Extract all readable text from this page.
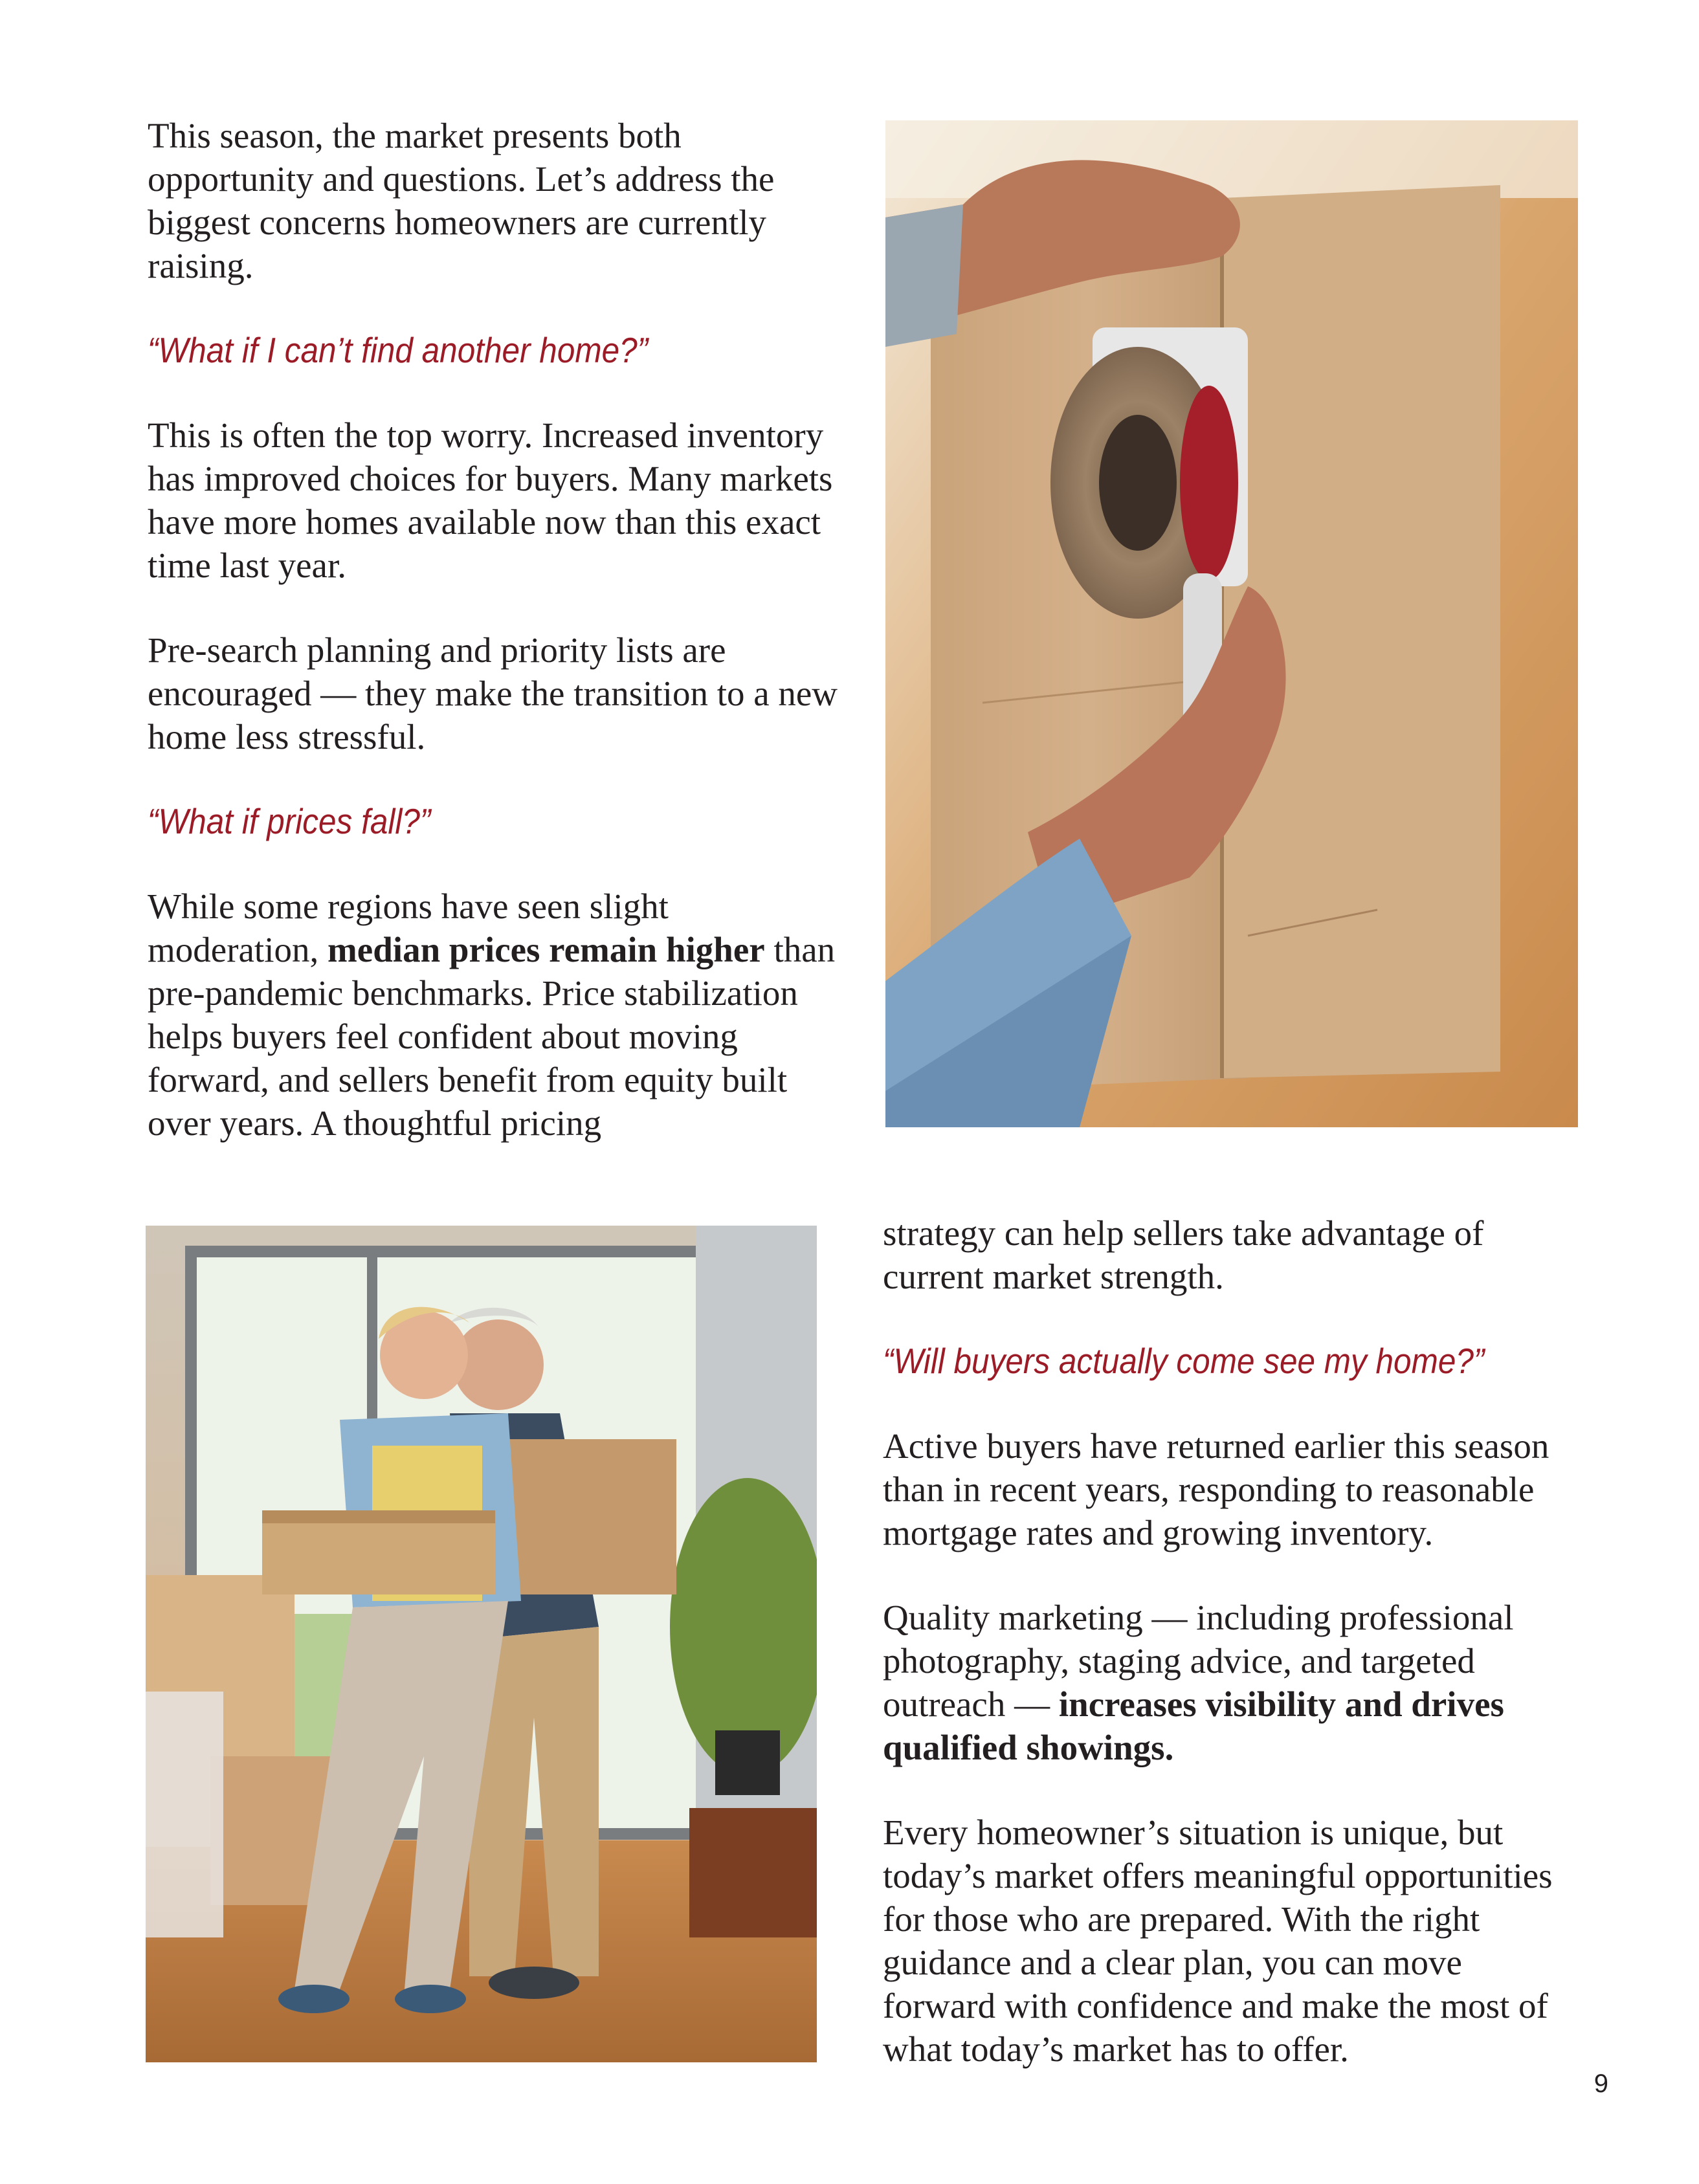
This season, the market presents both opportunity and questions. Let’s address the biggest concerns homeowners are currently raising.

“What if I can’t find another home?”

This is often the top worry. Increased inventory has improved choices for buyers. Many markets have more homes available now than this exact time last year.

Pre-search planning and priority lists are encouraged — they make the transition to a new home less stressful.

“What if prices fall?”

While some regions have seen slight moderation, median prices remain higher than pre-pandemic benchmarks. Price stabilization helps buyers feel confident about moving forward, and sellers benefit from equity built over years. A thoughtful pricing

strategy can help sellers take advantage of current market strength.

“Will buyers actually come see my home?”

Active buyers have returned earlier this season than in recent years, responding to reasonable mortgage rates and growing inventory.

Quality marketing — including professional photography, staging advice, and targeted outreach — increases visibility and drives qualified showings.

Every homeowner’s situation is unique, but today’s market offers meaningful opportunities for those who are prepared. With the right guidance and a clear plan, you can move forward with confidence and make the most of what today’s market has to offer.

9
